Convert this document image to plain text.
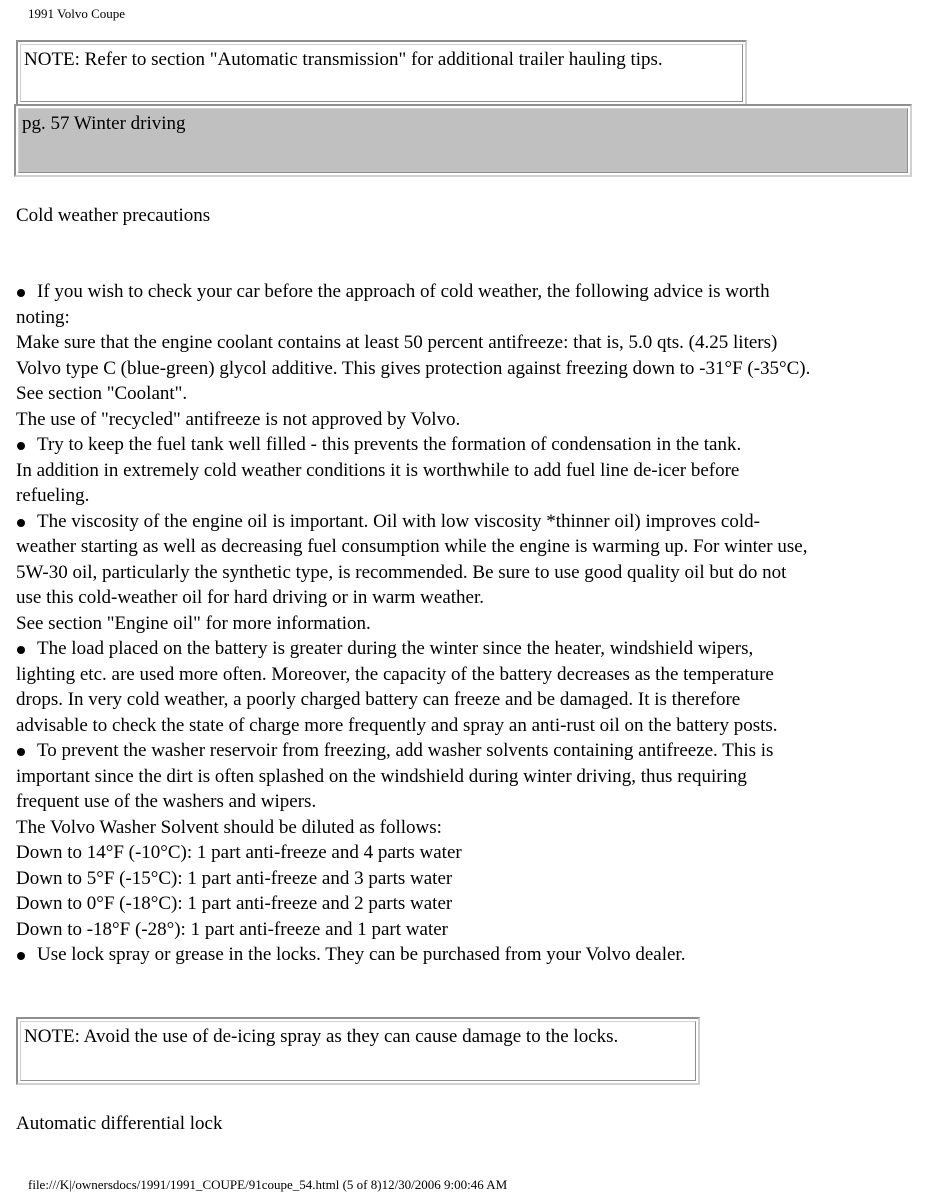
1991 Volvo Coupe
NOTE: Refer to section "Automatic transmission" for additional trailer hauling tips.
pg. 57 Winter driving
Cold weather precautions
If you wish to check your car before the approach of cold weather, the following advice is worth
noting:
Make sure that the engine coolant contains at least 50 percent antifreeze: that is, 5.0 qts. (4.25 liters)
Volvo type C (blue-green) glycol additive. This gives protection against freezing down to -31°F (-35°C).
See section "Coolant".
The use of "recycled" antifreeze is not approved by Volvo.
Try to keep the fuel tank well filled - this prevents the formation of condensation in the tank.
In addition in extremely cold weather conditions it is worthwhile to add fuel line de-icer before
refueling.
The viscosity of the engine oil is important. Oil with low viscosity *thinner oil) improves cold-
weather starting as well as decreasing fuel consumption while the engine is warming up. For winter use,
5W-30 oil, particularly the synthetic type, is recommended. Be sure to use good quality oil but do not
use this cold-weather oil for hard driving or in warm weather.
See section "Engine oil" for more information.
The load placed on the battery is greater during the winter since the heater, windshield wipers,
lighting etc. are used more often. Moreover, the capacity of the battery decreases as the temperature
drops. In very cold weather, a poorly charged battery can freeze and be damaged. It is therefore
advisable to check the state of charge more frequently and spray an anti-rust oil on the battery posts.
To prevent the washer reservoir from freezing, add washer solvents containing antifreeze. This is
important since the dirt is often splashed on the windshield during winter driving, thus requiring
frequent use of the washers and wipers.
The Volvo Washer Solvent should be diluted as follows:
Down to 14°F (-10°C): 1 part anti-freeze and 4 parts water
Down to 5°F (-15°C): 1 part anti-freeze and 3 parts water
Down to 0°F (-18°C): 1 part anti-freeze and 2 parts water
Down to -18°F (-28°): 1 part anti-freeze and 1 part water
Use lock spray or grease in the locks. They can be purchased from your Volvo dealer.
NOTE: Avoid the use of de-icing spray as they can cause damage to the locks.
Automatic differential lock
file:///K|/ownersdocs/1991/1991_COUPE/91coupe_54.html (5 of 8)12/30/2006 9:00:46 AM
